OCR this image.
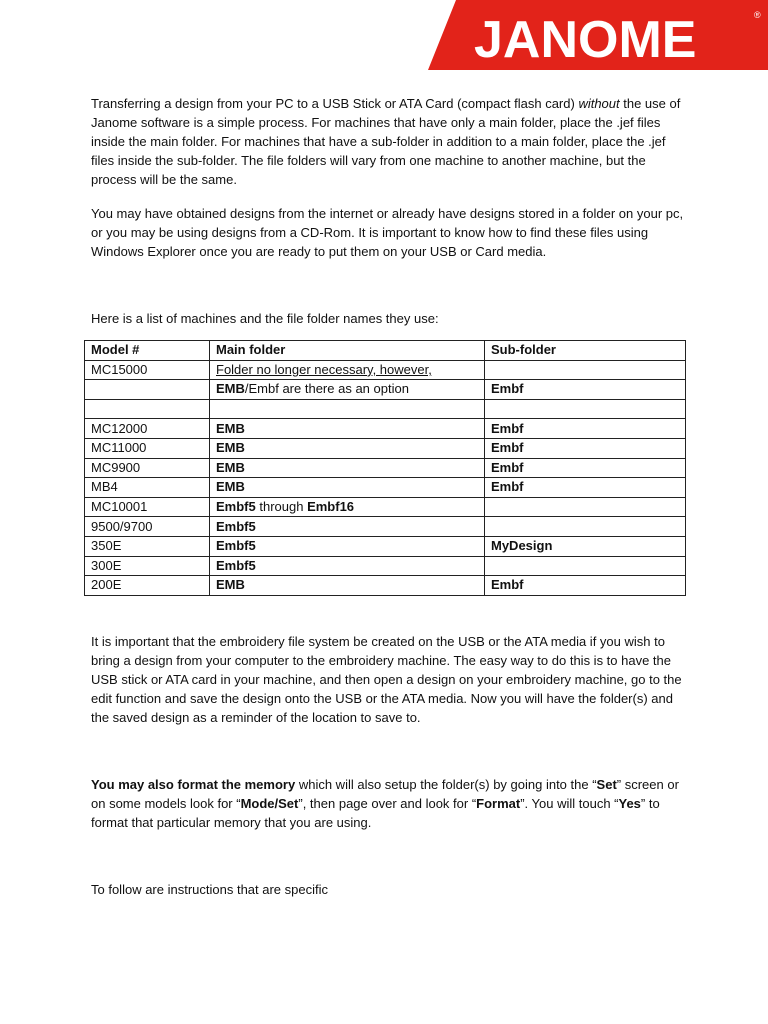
JANOME	®

Transferring a design from your PC to a USB Stick or ATA Card (compact flash card) without the use of Janome software is a simple process. For machines that have only a main folder, place the .jef files inside the main folder. For machines that have a sub-folder in addition to a main folder, place the .jef files inside the sub-folder. The file folders will vary from one machine to another machine, but the process will be the same.

You may have obtained designs from the internet or already have designs stored in a folder on your pc, or you may be using designs from a CD-Rom. It is important to know how to find these files using Windows Explorer once you are ready to put them on your USB or Card media.

Here is a list of machines and the file folder names they use:

Model #	Main folder	Sub-folder
MC15000	Folder no longer necessary, however,	
	EMB/Embf are there as an option	Embf

MC12000	EMB	Embf
MC11000	EMB	Embf
MC9900	EMB	Embf
MB4	EMB	Embf
MC10001	Embf5 through Embf16	
9500/9700	Embf5	
350E	Embf5	MyDesign
300E	Embf5	
200E	EMB	Embf

It is important that the embroidery file system be created on the USB or the ATA media if you wish to bring a design from your computer to the embroidery machine. The easy way to do this is to have the USB stick or ATA card in your machine, and then open a design on your embroidery machine, go to the edit function and save the design onto the USB or the ATA media. Now you will have the folder(s) and the saved design as a reminder of the location to save to.

You may also format the memory which will also setup the folder(s) by going into the “Set” screen or on some models look for “Mode/Set”, then page over and look for “Format”. You will touch “Yes” to format that particular memory that you are using.

To follow are instructions that are specific
